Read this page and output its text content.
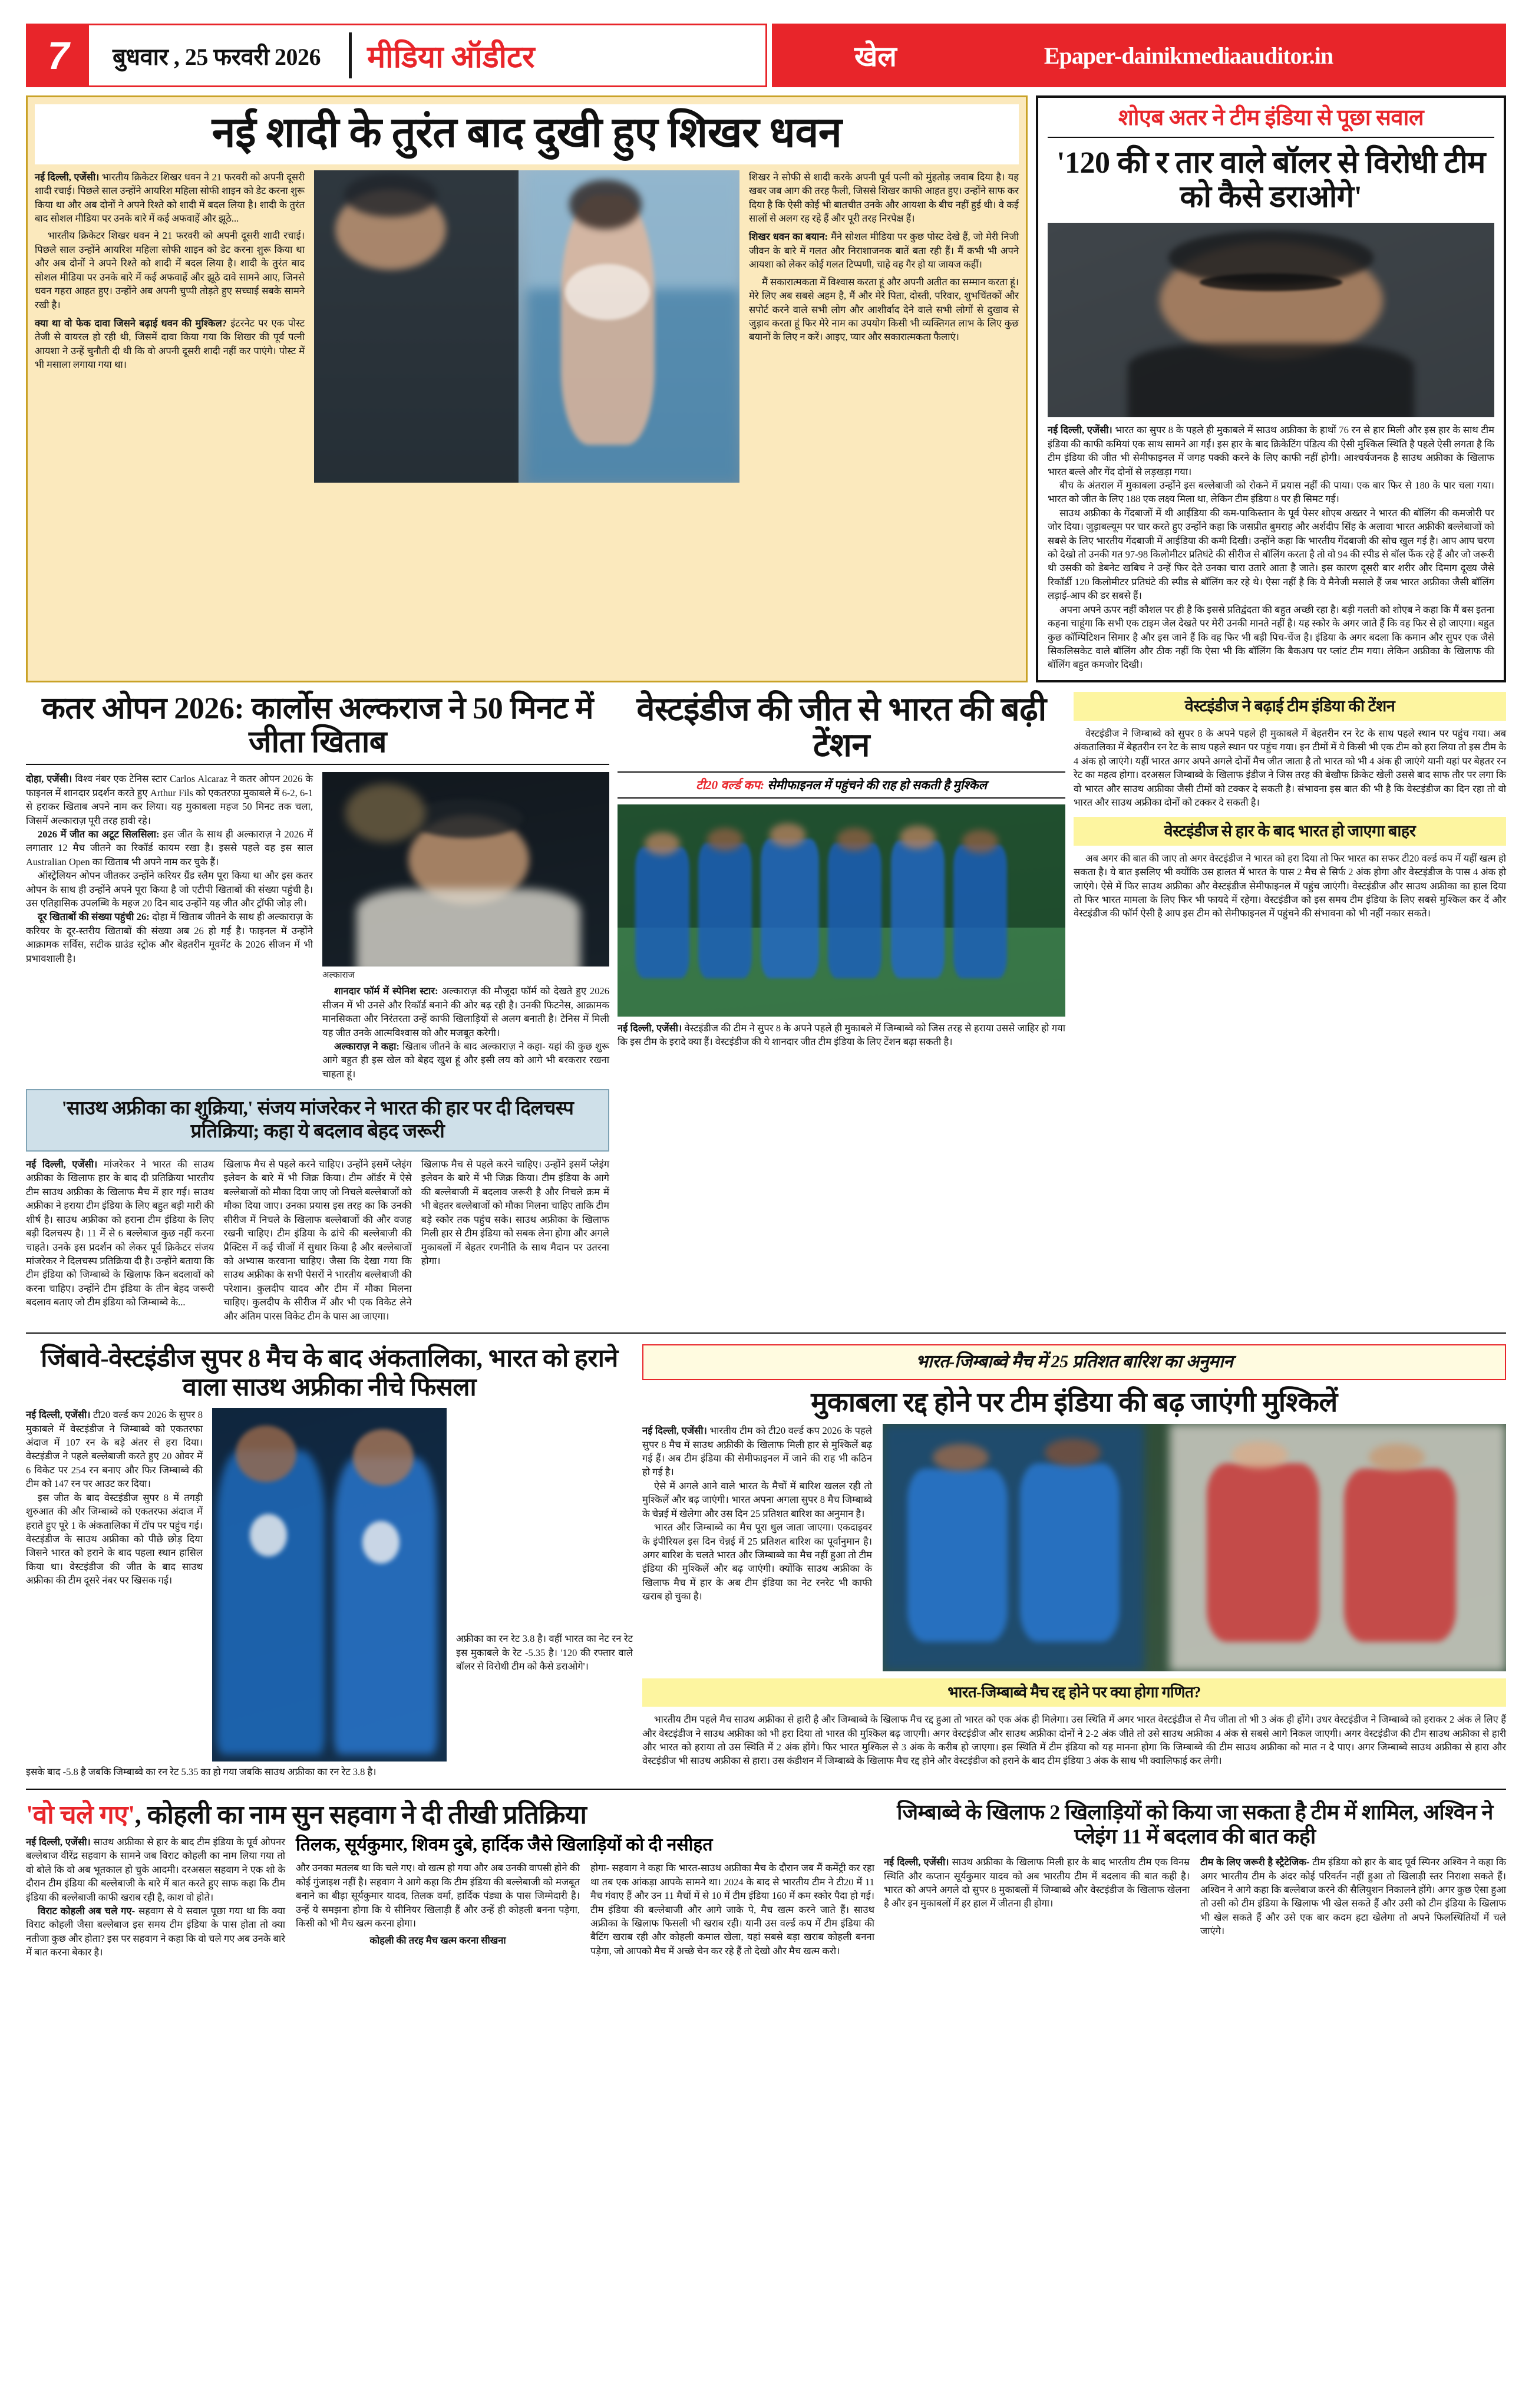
7	बुधवार , 25 फरवरी 2026	मीडिया ऑडीटर	खेल	Epaper-dainikmediaauditor.in
नई शादी के तुरंत बाद दुखी हुए शिखर धवन

नई दिल्ली, एजेंसी। भारतीय क्रिकेटर शिखर धवन ने 21 फरवरी को अपनी दूसरी शादी रचाई। पिछले साल उन्होंने आयरिश महिला सोफी शाइन को डेट करना शुरू किया था और अब दोनों ने अपने रिश्ते को शादी में बदल लिया है। शादी के तुरंत बाद सोशल मीडिया पर उनके बारे में कई अफवाहें और झूठे...

भारतीय क्रिकेटर शिखर धवन ने 21 फरवरी को अपनी दूसरी शादी रचाई। पिछले साल उन्होंने आयरिश महिला सोफी शाइन को डेट करना शुरू किया था और अब दोनों ने अपने रिश्ते को शादी में बदल लिया है। शादी के तुरंत बाद सोशल मीडिया पर उनके बारे में कई अफवाहें और झूठे दावे सामने आए, जिनसे धवन गहरा आहत हुए। उन्होंने अब अपनी चुप्पी तोड़ते हुए सच्चाई सबके सामने रखी है।

क्या था वो फेक दावा जिसने बढ़ाई धवन की मुश्किल? इंटरनेट पर एक पोस्ट तेजी से वायरल हो रही थी, जिसमें दावा किया गया कि शिखर की पूर्व पत्नी आयशा ने उन्हें चुनौती दी थी कि वो अपनी दूसरी शादी नहीं कर पाएंगे। पोस्ट में भी मसाला लगाया गया था।

शिखर ने सोफी से शादी करके अपनी पूर्व पत्नी को मुंहतोड़ जवाब दिया है। यह खबर जब आग की तरह फैली, जिससे शिखर काफी आहत हुए। उन्होंने साफ कर दिया है कि ऐसी कोई भी बातचीत उनके और आयशा के बीच नहीं हुई थी। वे कई सालों से अलग रह रहे हैं और पूरी तरह निरपेक्ष हैं।

शिखर धवन का बयान: मैंने सोशल मीडिया पर कुछ पोस्ट देखे हैं, जो मेरी निजी जीवन के बारे में गलत और निराशाजनक बातें बता रही हैं। मैं कभी भी अपने आयशा को लेकर कोई गलत टिप्पणी, चाहे वह गैर हो या जायज कहीं।

मैं सकारात्मकता में विश्वास करता हूं और अपनी अतीत का सम्मान करता हूं। मेरे लिए अब सबसे अहम है, मैं और मेरे पिता, दोस्ती, परिवार, शुभचिंतकों और सपोर्ट करने वाले सभी लोग और आशीर्वाद देने वाले सभी लोगों से दुखाव से जुड़ाव करता हूं फिर मेरे नाम का उपयोग किसी भी व्यक्तिगत लाभ के लिए कुछ बयानों के लिए न करें। आइए, प्यार और सकारात्मकता फैलाएं।

शोएब अतर ने टीम इंडिया से पूछा सवाल
'120 की र तार वाले बॉलर से विरोधी टीम को कैसे डराओगे'

नई दिल्ली, एजेंसी। भारत का सुपर 8 के पहले ही मुकाबले में साउथ अफ्रीका के हाथों 76 रन से हार मिली और इस हार के साथ टीम इंडिया की काफी कमियां एक साथ सामने आ गईं। इस हार के बाद क्रिकेटिंग पंडित्य की ऐसी मुश्किल स्थिति है पहले ऐसी लगता है कि टीम इंडिया की जीत भी सेमीफाइनल में जगह पक्की करने के लिए काफी नहीं होगी। आश्चर्यजनक है साउथ अफ्रीका के खिलाफ भारत बल्ले और गेंद दोनों से लड़खड़ा गया।

बीच के अंतराल में मुकाबला उन्होंने इस बल्लेबाजी को रोकने में प्रयास नहीं की पाया। एक बार फिर से 180 के पार चला गया। भारत को जीत के लिए 188 एक लक्ष्य मिला था, लेकिन टीम इंडिया 8 पर ही सिमट गई।

साउथ अफ्रीका के गेंदबाजों में थी आईडिया की कम-पाकिस्तान के पूर्व पेसर शोएब अख्तर ने भारत की बॉलिंग की कमजोरी पर जोर दिया। जुड़ाबल्यूम पर चार करते हुए उन्होंने कहा कि जसप्रीत बुमराह और अर्शदीप सिंह के अलावा भारत अफ्रीकी बल्लेबाजों को सबसे के लिए भारतीय गेंदबाजी में आईडिया की कमी दिखी। उन्होंने कहा कि भारतीय गेंदबाजी की सोच खुल गई है। आप आप चरण को देखो तो उनकी गत 97-98 किलोमीटर प्रतिघंटे की सीरीज से बॉलिंग करता है तो वो 94 की स्पीड से बॉल फेंक रहे हैं और जो जरूरी थी उसकी को डेबनेट खबिच ने उन्हें फिर देते उनका चारा उतारे आता है जाते। इस कारण दूसरी बार शरीर और दिमाग दूख्य जैसे रिकॉर्डी 120 किलोमीटर प्रतिघंटे की स्पीड से बॉलिंग कर रहे थे। ऐसा नहीं है कि ये मैनेजी मसाले हैं जब भारत अफ्रीका जैसी बॉलिंग लड़ाई-आप की डर सबसे हैं।

अपना अपने ऊपर नहीं कौशल पर ही है कि इससे प्रतिद्वंदता की बहुत अच्छी रहा है। बड़ी गलती को शोएब ने कहा कि मैं बस इतना कहना चाहूंगा कि सभी एक टाइम जेल देखते पर मेरी उनकी मानते नहीं है। यह स्कोर के अगर जाते हैं कि वह फिर से हो जाएगा। बहुत कुछ कॉम्पिटिशन सिमार है और इस जाने हैं कि वह फिर भी बड़ी पिच-चेंज है। इंडिया के अगर बदला कि कमान और सुपर एक जैसे सिकलिसकेट वाले बॉलिंग और ठीक नहीं कि ऐसा भी कि बॉलिंग कि बैकअप पर प्लांट टीम गया। लेकिन अफ्रीका के खिलाफ की बॉलिंग बहुत कमजोर दिखी।

कतर ओपन 2026: कार्लोस अल्कराज ने 50 मिनट में जीता खिताब

दोहा, एजेंसी। विश्व नंबर एक टेनिस स्टार Carlos Alcaraz ने कतर ओपन 2026 के फाइनल में शानदार प्रदर्शन करते हुए Arthur Fils को एकतरफा मुकाबले में 6-2, 6-1 से हराकर खिताब अपने नाम कर लिया। यह मुकाबला महज 50 मिनट तक चला, जिसमें अल्काराज़ पूरी तरह हावी रहे।

2026 में जीत का अटूट सिलसिला: इस जीत के साथ ही अल्काराज़ ने 2026 में लगातार 12 मैच जीतने का रिकॉर्ड कायम रखा है। इससे पहले वह इस साल Australian Open का खिताब भी अपने नाम कर चुके हैं।

ऑस्ट्रेलियन ओपन जीतकर उन्होंने करियर ग्रैंड स्लैम पूरा किया था और इस कतर ओपन के साथ ही उन्होंने अपने पूरा किया है जो एटीपी खिताबों की संख्या पहुंची है। उस एतिहासिक उपलब्धि के महज 20 दिन बाद उन्होंने यह जीत और ट्रॉफी जोड़ ली।

दूर खिताबों की संख्या पहुंची 26: दोहा में खिताब जीतने के साथ ही अल्काराज़ के करियर के दूर-स्तरीय खिताबों की संख्या अब 26 हो गई है। फाइनल में उन्होंने आक्रामक सर्विस, सटीक ग्राउंड स्ट्रोक और बेहतरीन मूवमेंट के 2026 सीजन में भी प्रभावशाली है।

अल्काराज

शानदार फॉर्म में स्पेनिश स्टार: अल्काराज़ की मौजूदा फॉर्म को देखते हुए 2026 सीजन में भी उनसे और रिकॉर्ड बनाने की ओर बढ़ रही है। उनकी फिटनेस, आक्रामक मानसिकता और निरंतरता उन्हें काफी खिलाड़ियों से अलग बनाती है। टेनिस में मिली यह जीत उनके आत्मविश्वास को और मजबूत करेगी।

अल्काराज़ ने कहा: खिताब जीतने के बाद अल्काराज़ ने कहा- यहां की कुछ शुरू आगे बहुत ही इस खेल को बेहद खुश हूं और इसी लय को आगे भी बरकरार रखना चाहता हूं।

'साउथ अफ्रीका का शुक्रिया,' संजय मांजरेकर ने भारत की हार पर दी दिलचस्प प्रतिक्रिया; कहा ये बदलाव बेहद जरूरी

नई दिल्ली, एजेंसी। मांजरेकर ने भारत की साउथ अफ्रीका के खिलाफ हार के बाद दी प्रतिक्रिया भारतीय टीम साउथ अफ्रीका के खिलाफ मैच में हार गई। साउथ अफ्रीका ने हराया टीम इंडिया के लिए बहुत बड़ी मारी की शीर्ष है। साउथ अफ्रीका को हराना टीम इंडिया के लिए बड़ी दिलचस्प है। 11 में से 6 बल्लेबाज कुछ नहीं करना चाहते। उनके इस प्रदर्शन को लेकर पूर्व क्रिकेटर संजय मांजरेकर ने दिलचस्प प्रतिक्रिया दी है। उन्होंने बताया कि टीम इंडिया को जिम्बाब्वे के खिलाफ किन बदलावों को करना चाहिए। उन्होंने टीम इंडिया के तीन बेहद जरूरी बदलाव बताए जो टीम इंडिया को जिम्बाब्वे के...

खिलाफ मैच से पहले करने चाहिए। उन्होंने इसमें प्लेइंग इलेवन के बारे में भी जिक्र किया। टीम ऑर्डर में ऐसे बल्लेबाजों को मौका दिया जाए जो निचले बल्लेबाजों को मौका दिया जाए। उनका प्रयास इस तरह का कि उनकी सीरीज में निचले के खिलाफ बल्लेबाजों की और वजह रखनी चाहिए। टीम इंडिया के ढांचे की बल्लेबाजी की प्रैक्टिस में कई चीजों में सुधार किया है और बल्लेबाजों को अभ्यास करवाना चाहिए। जैसा कि देखा गया कि साउथ अफ्रीका के सभी पेसरों ने भारतीय बल्लेबाजी की परेशान। कुलदीप यादव और टीम में मौका मिलना चाहिए। कुलदीप के सीरीज में और भी एक विकेट लेने और अंतिम पारस विकेट टीम के पास आ जाएगा।

खिलाफ मैच से पहले करने चाहिए। उन्होंने इसमें प्लेइंग इलेवन के बारे में भी जिक्र किया। टीम इंडिया के आगे की बल्लेबाजी में बदलाव जरूरी है और निचले क्रम में भी बेहतर बल्लेबाजों को मौका मिलना चाहिए ताकि टीम बड़े स्कोर तक पहुंच सके। साउथ अफ्रीका के खिलाफ मिली हार से टीम इंडिया को सबक लेना होगा और अगले मुकाबलों में बेहतर रणनीति के साथ मैदान पर उतरना होगा।

वेस्टइंडीज की जीत से भारत की बढ़ी टेंशन
टी20 वर्ल्ड कप: सेमीफाइनल में पहुंचने की राह हो सकती है मुश्किल

नई दिल्ली, एजेंसी। वेस्टइंडीज की टीम ने सुपर 8 के अपने पहले ही मुकाबले में जिम्बाब्वे को जिस तरह से हराया उससे जाहिर हो गया कि इस टीम के इरादे क्या हैं। वेस्टइंडीज की ये शानदार जीत टीम इंडिया के लिए टेंशन बढ़ा सकती है।

वेस्टइंडीज ने बढ़ाई टीम इंडिया की टेंशन

वेस्टइंडीज ने जिम्बाब्वे को सुपर 8 के अपने पहले ही मुकाबले में बेहतरीन रन रेट के साथ पहले स्थान पर पहुंच गया। अब अंकतालिका में बेहतरीन रन रेट के साथ पहले स्थान पर पहुंच गया। इन टीमों में ये किसी भी एक टीम को हरा लिया तो इस टीम के 4 अंक हो जाएंगे। यहीं भारत अगर अपने अगले दोनों मैच जीत जाता है तो भारत को भी 4 अंक ही जाएंगे यानी यहां पर बेहतर रन रेट का महत्व होगा। दरअसल जिम्बाब्वे के खिलाफ इंडीज ने जिस तरह की बेखौफ क्रिकेट खेली उससे बाद साफ तौर पर लगा कि वो भारत और साउथ अफ्रीका जैसी टीमों को टक्कर दे सकती है। संभावना इस बात की भी है कि वेस्टइंडीज का दिन रहा तो वो भारत और साउथ अफ्रीका दोनों को टक्कर दे सकती है।

वेस्टइंडीज से हार के बाद भारत हो जाएगा बाहर

अब अगर की बात की जाए तो अगर वेस्टइंडीज ने भारत को हरा दिया तो फिर भारत का सफर टी20 वर्ल्ड कप में यहीं खत्म हो सकता है। ये बात इसलिए भी क्योंकि उस हालत में भारत के पास 2 मैच से सिर्फ 2 अंक होगा और वेस्टइंडीज के पास 4 अंक हो जाएंगे। ऐसे में फिर साउथ अफ्रीका और वेस्टइंडीज सेमीफाइनल में पहुंच जाएंगी। वेस्टइंडीज और साउथ अफ्रीका का हाल दिया तो फिर भारत मामला के लिए फिर भी फायदे में रहेगा। वेस्टइंडीज को इस समय टीम इंडिया के लिए सबसे मुश्किल कर दें और वेस्टइंडीज की फॉर्म ऐसी है आप इस टीम को सेमीफाइनल में पहुंचने की संभावना को भी नहीं नकार सकते।

जिंबावे-वेस्टइंडीज सुपर 8 मैच के बाद अंकतालिका, भारत को हराने वाला साउथ अफ्रीका नीचे फिसला

नई दिल्ली, एजेंसी। टी20 वर्ल्ड कप 2026 के सुपर 8 मुकाबले में वेस्टइंडीज ने जिम्बाब्वे को एकतरफा अंदाज में 107 रन के बड़े अंतर से हरा दिया। वेस्टइंडीज ने पहले बल्लेबाजी करते हुए 20 ओवर में 6 विकेट पर 254 रन बनाए और फिर जिम्बाब्वे की टीम को 147 रन पर आउट कर दिया।

इस जीत के बाद वेस्टइंडीज सुपर 8 में तगड़ी शुरुआत की और जिम्बाब्वे को एकतरफा अंदाज में हराते हुए पूरे 1 के अंकतालिका में टॉप पर पहुंच गई। वेस्टइंडीज के साउथ अफ्रीका को पीछे छोड़ दिया जिसने भारत को हराने के बाद पहला स्थान हासिल किया था। वेस्टइंडीज की जीत के बाद साउथ अफ्रीका की टीम दूसरे नंबर पर खिसक गई।

अफ्रीका का रन रेट 3.8 है। वहीं भारत का नेट रन रेट इस मुकाबले के रेट -5.35 है। '120 की रफ्तार वाले बॉलर से विरोधी टीम को कैसे डराओगे'।

इसके बाद -5.8 है जबकि जिम्बाब्वे का रन रेट 5.35 का हो गया जबकि साउथ अफ्रीका का रन रेट 3.8 है।

भारत-जिम्बाब्वे मैच में 25 प्रतिशत बारिश का अनुमान
मुकाबला रद्द होने पर टीम इंडिया की बढ़ जाएंगी मुश्किलें

नई दिल्ली, एजेंसी। भारतीय टीम को टी20 वर्ल्ड कप 2026 के पहले सुपर 8 मैच में साउथ अफ्रीकी के खिलाफ मिली हार से मुश्किलें बढ़ गई हैं। अब टीम इंडिया की सेमीफाइनल में जाने की राह भी कठिन हो गई है।

ऐसे में अगले आने वाले भारत के मैचों में बारिश खलल रही तो मुश्किलें और बढ़ जाएंगी। भारत अपना अगला सुपर 8 मैच जिम्बाब्वे के चेन्नई में खेलेगा और उस दिन 25 प्रतिशत बारिश का अनुमान है।

भारत और जिम्बाब्वे का मैच पूरा धुल जाता जाएगा। एकदाइवर के इंपीरियल इस दिन चेन्नई में 25 प्रतिशत बारिश का पूर्वानुमान है। अगर बारिश के चलते भारत और जिम्बाब्वे का मैच नहीं हुआ तो टीम इंडिया की मुश्किलें और बढ़ जाएंगी। क्योंकि साउथ अफ्रीका के खिलाफ मैच में हार के अब टीम इंडिया का नेट रनरेट भी काफी खराब हो चुका है।

भारत-जिम्बाब्वे मैच रद्द होने पर क्या होगा गणित?

भारतीय टीम पहले मैच साउथ अफ्रीका से हारी है और जिम्बाब्वे के खिलाफ मैच रद्द हुआ तो भारत को एक अंक ही मिलेगा। उस स्थिति में अगर भारत वेस्टइंडीज से मैच जीता तो भी 3 अंक ही होंगे। उधर वेस्टइंडीज ने जिम्बाब्वे को हराकर 2 अंक ले लिए हैं और वेस्टइंडीज ने साउथ अफ्रीका को भी हरा दिया तो भारत की मुश्किल बढ़ जाएगी। अगर वेस्टइंडीज और साउथ अफ्रीका दोनों ने 2-2 अंक जीते तो उसे साउथ अफ्रीका 4 अंक से सबसे आगे निकल जाएगी। अगर वेस्टइंडीज की टीम साउथ अफ्रीका से हारी और भारत को हराया तो उस स्थिति में 2 अंक होंगे। फिर भारत मुश्किल से 3 अंक के करीब हो जाएगा। इस स्थिति में टीम इंडिया को यह मानना होगा कि जिम्बाब्वे की टीम साउथ अफ्रीका को मात न दे पाए। अगर जिम्बाब्वे साउथ अफ्रीका से हारा और वेस्टइंडीज भी साउथ अफ्रीका से हारा। उस कंडीशन में जिम्बाब्वे के खिलाफ मैच रद्द होने और वेस्टइंडीज को हराने के बाद टीम इंडिया 3 अंक के साथ भी क्वालिफाई कर लेगी।

'वो चले गए', कोहली का नाम सुन सहवाग ने दी तीखी प्रतिक्रिया

नई दिल्ली, एजेंसी। साउथ अफ्रीका से हार के बाद टीम इंडिया के पूर्व ओपनर बल्लेबाज वीरेंद्र सहवाग के सामने जब विराट कोहली का नाम लिया गया तो वो बोले कि वो अब भूतकाल हो चुके आदमी। दरअसल सहवाग ने एक शो के दौरान टीम इंडिया की बल्लेबाजी के बारे में बात करते हुए साफ कहा कि टीम इंडिया की बल्लेबाजी काफी खराब रही है, काश वो होते।

विराट कोहली अब चले गए- सहवाग से ये सवाल पूछा गया था कि क्या विराट कोहली जैसा बल्लेबाज इस समय टीम इंडिया के पास होता तो क्या नतीजा कुछ और होता? इस पर सहवाग ने कहा कि वो चले गए अब उनके बारे में बात करना बेकार है।

तिलक, सूर्यकुमार, शिवम दुबे, हार्दिक जैसे खिलाड़ियों को दी नसीहत

और उनका मतलब था कि चले गए। वो खत्म हो गया और अब उनकी वापसी होने की कोई गुंजाइश नहीं है। सहवाग ने आगे कहा कि टीम इंडिया की बल्लेबाजी को मजबूत बनाने का बीड़ा सूर्यकुमार यादव, तिलक वर्मा, हार्दिक पंड्या के पास जिम्मेदारी है। उन्हें ये समझना होगा कि ये सीनियर खिलाड़ी हैं और उन्हें ही कोहली बनना पड़ेगा, किसी को भी मैच खत्म करना होगा।

कोहली की तरह मैच खत्म करना सीखना

होगा- सहवाग ने कहा कि भारत-साउथ अफ्रीका मैच के दौरान जब मैं कमेंट्री कर रहा था तब एक आंकड़ा आपके सामने था। 2024 के बाद से भारतीय टीम ने टी20 में 11 मैच गंवाए हैं और उन 11 मैचों में से 10 में टीम इंडिया 160 में कम स्कोर पैदा हो गई। टीम इंडिया की बल्लेबाजी और आगे जाके पे, मैच खत्म करने जाते हैं। साउथ अफ्रीका के खिलाफ फिसली भी खराब रही। यानी उस वर्ल्ड कप में टीम इंडिया की बैटिंग खराब रही और कोहली कमाल खेला, यहां सबसे बड़ा खराब कोहली बनना पड़ेगा, जो आपको मैच में अच्छे चेन कर रहे हैं तो देखो और मैच खत्म करो।

जिम्बाब्वे के खिलाफ 2 खिलाड़ियों को किया जा सकता है टीम में शामिल, अश्विन ने प्लेइंग 11 में बदलाव की बात कही

नई दिल्ली, एजेंसी। साउथ अफ्रीका के खिलाफ मिली हार के बाद भारतीय टीम एक विनम्र स्थिति और कप्तान सूर्यकुमार यादव को अब भारतीय टीम में बदलाव की बात कही है। भारत को अपने अगले दो सुपर 8 मुकाबलों में जिम्बाब्वे और वेस्टइंडीज के खिलाफ खेलना है और इन मुकाबलों में हर हाल में जीतना ही होगा।

टीम के लिए जरूरी है स्ट्रैटेजिक- टीम इंडिया को हार के बाद पूर्व स्पिनर अश्विन ने कहा कि अगर भारतीय टीम के अंदर कोई परिवर्तन नहीं हुआ तो खिलाड़ी स्तर निराशा सकते हैं। अश्विन ने आगे कहा कि बल्लेबाज करने की सैलियुशन निकालने होंगे। अगर कुछ ऐसा हुआ तो उसी को टीम इंडिया के खिलाफ भी खेल सकते हैं और उसी को टीम इंडिया के खिलाफ भी खेल सकते हैं और उसे एक बार कदम हटा खेलेगा तो अपने फिलस्थितियों में चले जाएंगे।
